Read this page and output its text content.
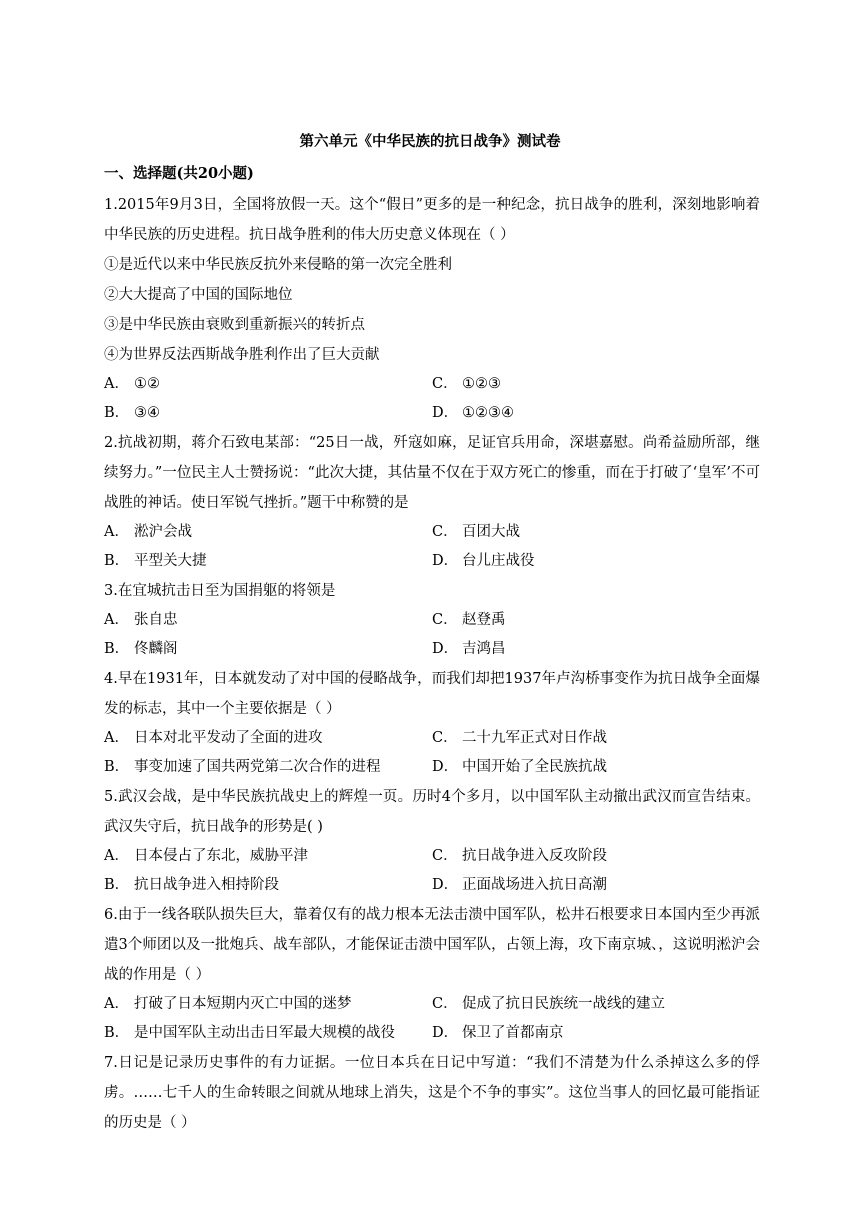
第六单元《中华民族的抗日战争》测试卷
一、选择题(共20小题)

1.2015年9月3日，全国将放假一天。这个“假日”更多的是一种纪念，抗日战争的胜利，深刻地影响着中华民族的历史进程。抗日战争胜利的伟大历史意义体现在（ ）

①是近代以来中华民族反抗外来侵略的第一次完全胜利

②大大提高了中国的国际地位

③是中华民族由衰败到重新振兴的转折点

④为世界反法西斯战争胜利作出了巨大贡献

A． ①②	C． ①②③
B． ③④	D． ①②③④

2.抗战初期，蒋介石致电某部：“25日一战，歼寇如麻，足证官兵用命，深堪嘉慰。尚希益励所部，继续努力。”一位民主人士赞扬说：“此次大捷，其估量不仅在于双方死亡的惨重，而在于打破了‘皇军’不可战胜的神话。使日军锐气挫折。”题干中称赞的是

A． 淞沪会战	C． 百团大战
B． 平型关大捷	D． 台儿庄战役

3.在宜城抗击日至为国捐躯的将领是

A． 张自忠	C． 赵登禹
B． 佟麟阁	D． 吉鸿昌

4.早在1931年，日本就发动了对中国的侵略战争，而我们却把1937年卢沟桥事变作为抗日战争全面爆发的标志，其中一个主要依据是（ ）

A． 日本对北平发动了全面的进攻	C． 二十九军正式对日作战
B． 事变加速了国共两党第二次合作的进程	D． 中国开始了全民族抗战

5.武汉会战，是中华民族抗战史上的辉煌一页。历时4个多月，以中国军队主动撤出武汉而宣告结束。武汉失守后，抗日战争的形势是( )

A． 日本侵占了东北，威胁平津	C． 抗日战争进入反攻阶段
B． 抗日战争进入相持阶段	D． 正面战场进入抗日高潮

6.由于一线各联队损失巨大，靠着仅有的战力根本无法击溃中国军队，松井石根要求日本国内至少再派遣3个师团以及一批炮兵、战车部队，才能保证击溃中国军队，占领上海，攻下南京城、，这说明淞沪会战的作用是（ ）

A． 打破了日本短期内灭亡中国的迷梦	C． 促成了抗日民族统一战线的建立
B． 是中国军队主动出击日军最大规模的战役	D． 保卫了首都南京

7.日记是记录历史事件的有力证据。一位日本兵在日记中写道：“我们不清楚为什么杀掉这么多的俘虏。……七千人的生命转眼之间就从地球上消失，这是个不争的事实”。这位当事人的回忆最可能指证的历史是（ ）
